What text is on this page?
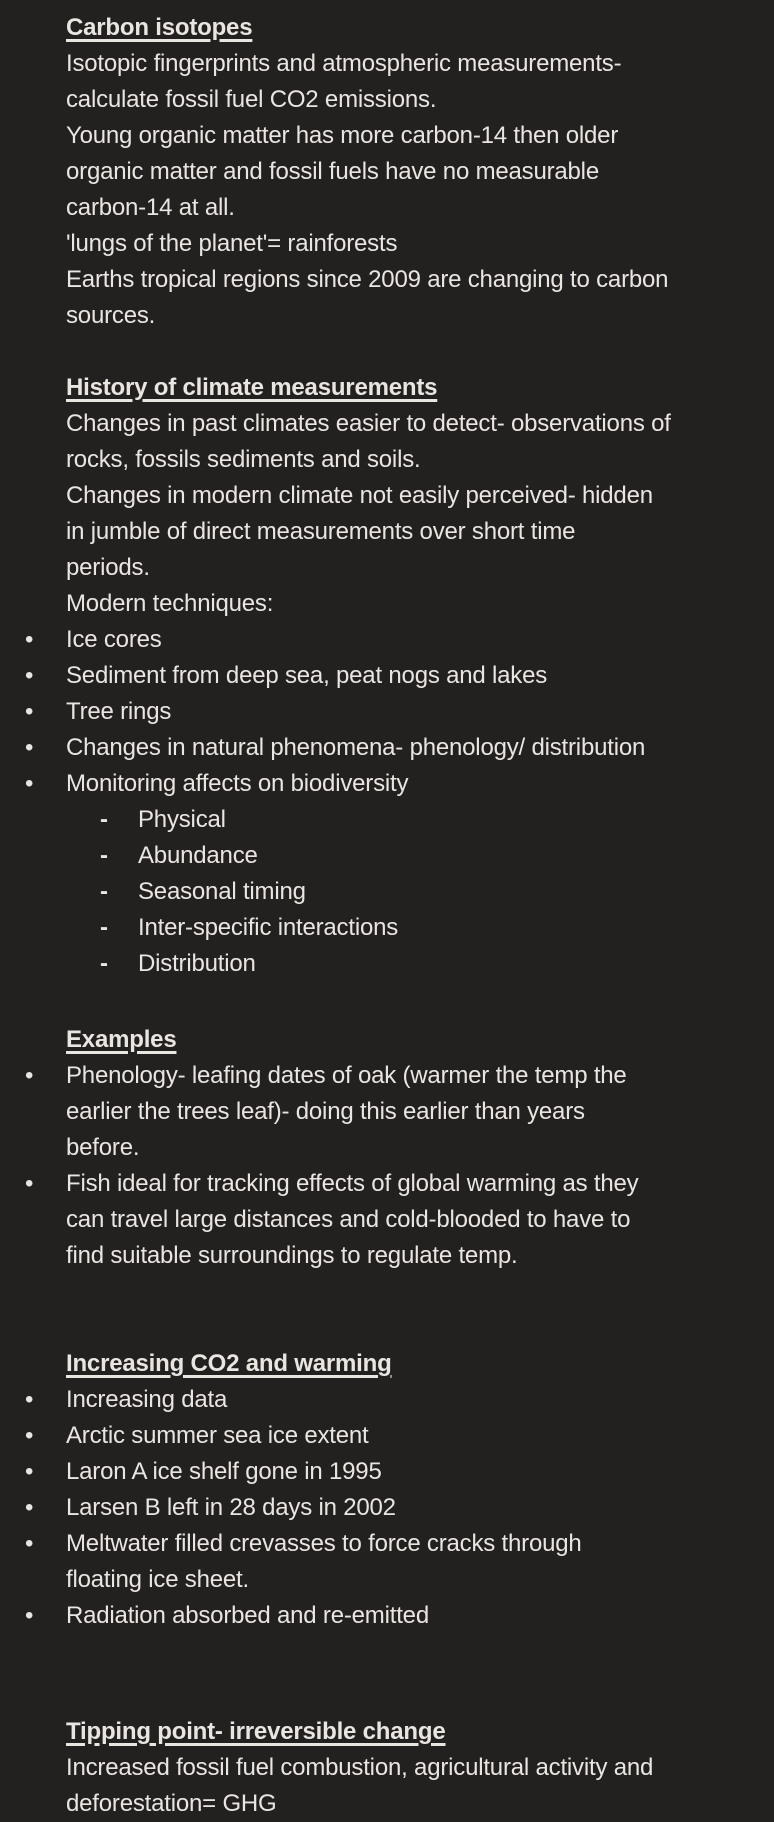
Carbon isotopes
Isotopic fingerprints and atmospheric measurements-
calculate fossil fuel CO2 emissions.
Young organic matter has more carbon-14 then older
organic matter and fossil fuels have no measurable
carbon-14 at all.
'lungs of the planet'= rainforests
Earths tropical regions since 2009 are changing to carbon
sources.
History of climate measurements
Changes in past climates easier to detect- observations of
rocks, fossils sediments and soils.
Changes in modern climate not easily perceived- hidden
in jumble of direct measurements over short time
periods.
Modern techniques:
•	Ice cores
•	Sediment from deep sea, peat nogs and lakes
•	Tree rings
•	Changes in natural phenomena- phenology/ distribution
•	Monitoring affects on biodiversity
-	Physical
-	Abundance
-	Seasonal timing
-	Inter-specific interactions
-	Distribution
Examples
•	Phenology- leafing dates of oak (warmer the temp the
earlier the trees leaf)- doing this earlier than years
before.
•	Fish ideal for tracking effects of global warming as they
can travel large distances and cold-blooded to have to
find suitable surroundings to regulate temp.
Increasing CO2 and warming
•	Increasing data
•	Arctic summer sea ice extent
•	Laron A ice shelf gone in 1995
•	Larsen B left in 28 days in 2002
•	Meltwater filled crevasses to force cracks through
floating ice sheet.
•	Radiation absorbed and re-emitted
Tipping point- irreversible change
Increased fossil fuel combustion, agricultural activity and
deforestation= GHG
